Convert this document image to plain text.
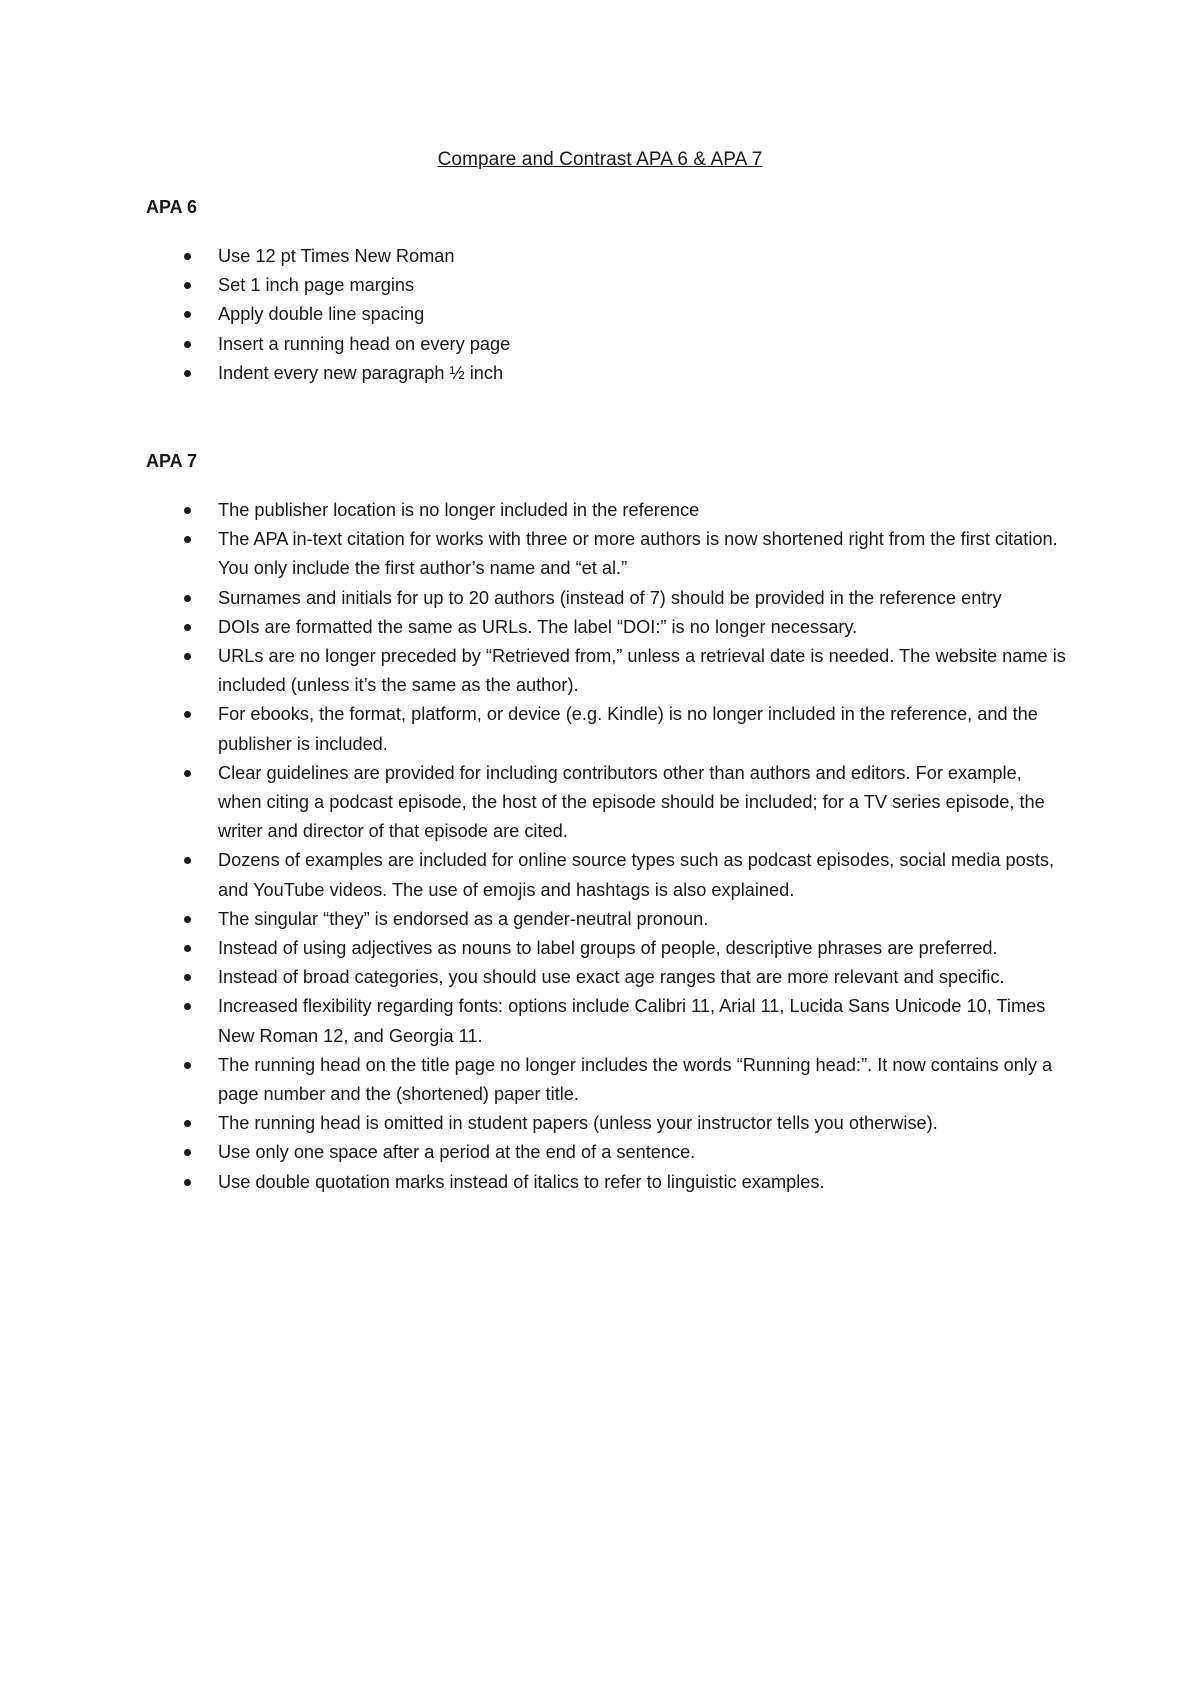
Compare and Contrast APA 6 & APA 7

APA 6

Use 12 pt Times New Roman
Set 1 inch page margins
Apply double line spacing
Insert a running head on every page
Indent every new paragraph ½ inch

APA 7

The publisher location is no longer included in the reference
The APA in-text citation for works with three or more authors is now shortened right from the first citation. You only include the first author’s name and “et al.”
Surnames and initials for up to 20 authors (instead of 7) should be provided in the reference entry
DOIs are formatted the same as URLs. The label “DOI:” is no longer necessary.
URLs are no longer preceded by “Retrieved from,” unless a retrieval date is needed. The website name is included (unless it’s the same as the author).
For ebooks, the format, platform, or device (e.g. Kindle) is no longer included in the reference, and the publisher is included.
Clear guidelines are provided for including contributors other than authors and editors. For example, when citing a podcast episode, the host of the episode should be included; for a TV series episode, the writer and director of that episode are cited.
Dozens of examples are included for online source types such as podcast episodes, social media posts, and YouTube videos. The use of emojis and hashtags is also explained.
The singular “they” is endorsed as a gender-neutral pronoun.
Instead of using adjectives as nouns to label groups of people, descriptive phrases are preferred.
Instead of broad categories, you should use exact age ranges that are more relevant and specific.
Increased flexibility regarding fonts: options include Calibri 11, Arial 11, Lucida Sans Unicode 10, Times New Roman 12, and Georgia 11.
The running head on the title page no longer includes the words “Running head:”. It now contains only a page number and the (shortened) paper title.
The running head is omitted in student papers (unless your instructor tells you otherwise).
Use only one space after a period at the end of a sentence.
Use double quotation marks instead of italics to refer to linguistic examples.
